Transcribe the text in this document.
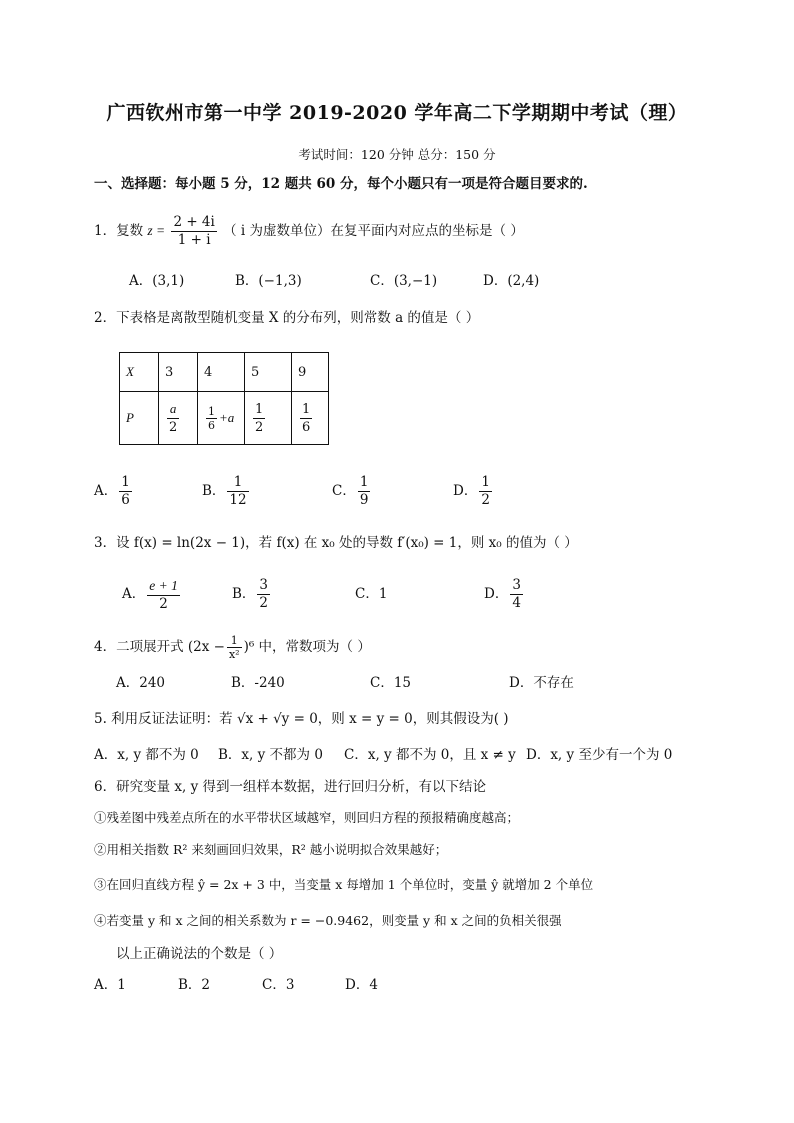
广西钦州市第一中学 2019-2020 学年高二下学期期中考试（理）
考试时间：120 分钟 总分：150 分
一、选择题：每小题 5 分，12 题共 60 分，每个小题只有一项是符合题目要求的.
1．复数 $z = \frac{2 + 4i}{1 + i}$ （ i 为虚数单位）在复平面内对应点的坐标是（ ）
A．(3,1)	B．(−1,3)	C．(3,−1)	D．(2,4)
2．下表格是离散型随机变量 X 的分布列，则常数 a 的值是（ ）
X	3	4	5	9
P	$\frac{a}{2}$	$\frac{1}{6} +a$	$\frac{1}{2}$	$\frac{1}{6}$
A． $\frac{1}{6}$	B． $\frac{1}{12}$	C． $\frac{1}{9}$	D． $\frac{1}{2}$
3．设 f(x) = ln(2x − 1)，若 f(x) 在 x₀ 处的导数 f′(x₀) = 1，则 x₀ 的值为（ ）
A． $\frac{e + 1}{2}$	B． $\frac{3}{2}$	C．1	D． $\frac{3}{4}$
4．二项展开式 $(2x - \frac{1}{\text{x²}} )^6$ 中，常数项为（ ）
A．240	B．-240	C．15	D．不存在
5. 利用反证法证明：若 √x + √y = 0，则 x = y = 0，则其假设为( )
A．x, y 都不为 0 B．x, y 不都为 0 C．x, y 都不为 0，且 x ≠ y D．x, y 至少有一个为 0
6．研究变量 x, y 得到一组样本数据，进行回归分析，有以下结论
①残差图中残差点所在的水平带状区域越窄，则回归方程的预报精确度越高；
②用相关指数 R² 来刻画回归效果，R² 越小说明拟合效果越好；
③在回归直线方程 ŷ = 2x + 3 中，当变量 x 每增加 1 个单位时，变量 ŷ 就增加 2 个单位
④若变量 y 和 x 之间的相关系数为 r = −0.9462，则变量 y 和 x 之间的负相关很强
以上正确说法的个数是（ ）
A．1	B．2	C．3	D．4
